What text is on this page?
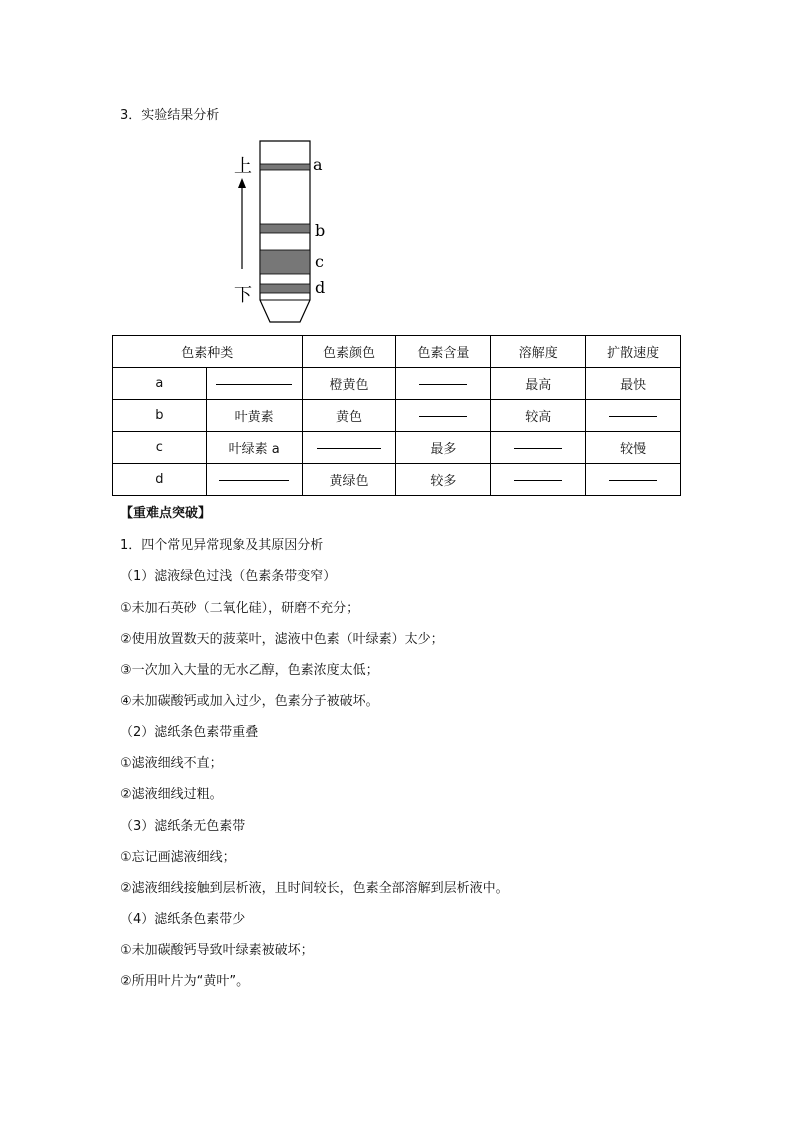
3．实验结果分析
上
下
a
b
c
d
色素种类		色素颜色	色素含量	溶解度	扩散速度
a		橙黄色		最高	最快
b	叶黄素	黄色		较高	
c	叶绿素 a		最多		较慢
d		黄绿色	较多		
【重难点突破】
1．四个常见异常现象及其原因分析
（1）滤液绿色过浅（色素条带变窄）
①未加石英砂（二氧化硅），研磨不充分；
②使用放置数天的菠菜叶，滤液中色素（叶绿素）太少；
③一次加入大量的无水乙醇，色素浓度太低；
④未加碳酸钙或加入过少，色素分子被破坏。
（2）滤纸条色素带重叠
①滤液细线不直；
②滤液细线过粗。
（3）滤纸条无色素带
①忘记画滤液细线；
②滤液细线接触到层析液，且时间较长，色素全部溶解到层析液中。
（4）滤纸条色素带少
①未加碳酸钙导致叶绿素被破坏；
②所用叶片为“黄叶”。
